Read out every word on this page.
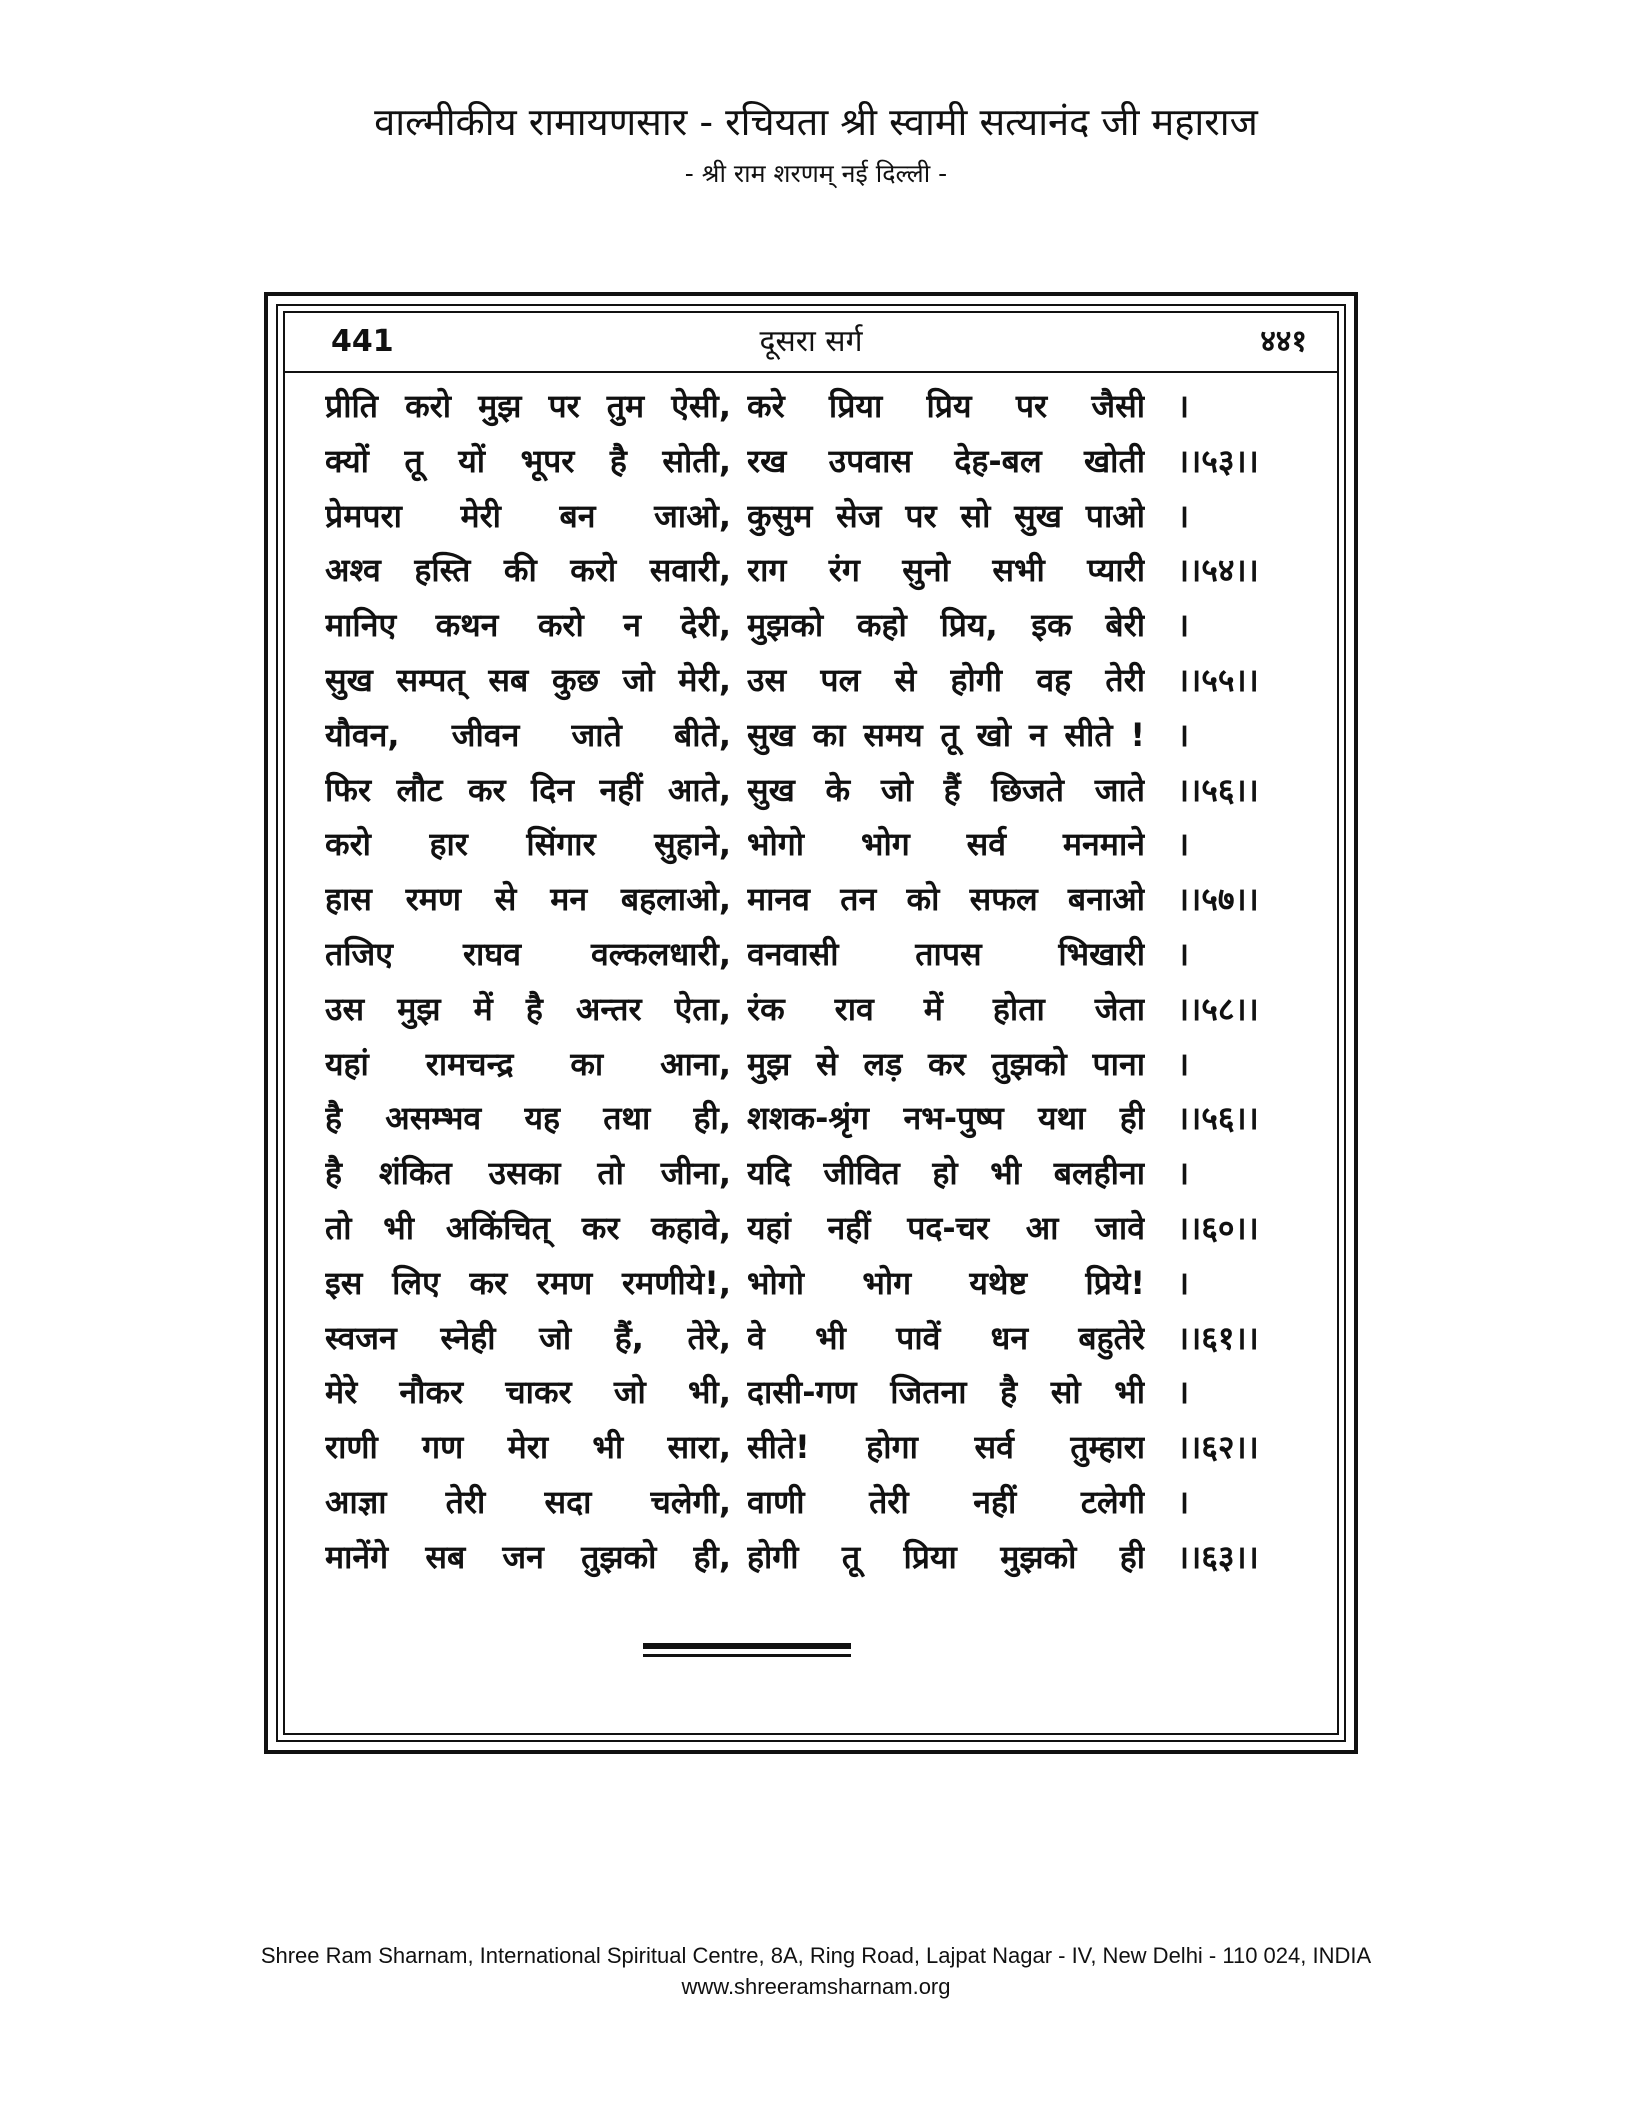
वाल्मीकीय रामायणसार - रचियता श्री स्वामी सत्यानंद जी महाराज
- श्री राम शरणम् नई दिल्ली -
441	दूसरा सर्ग	४४१
प्रीति करो मुझ पर तुम ऐसी, करे प्रिया प्रिय पर जैसी ।
क्यों तू यों भूपर है सोती, रख उपवास देह-बल खोती ।।५३।।
प्रेमपरा मेरी बन जाओ, कुसुम सेज पर सो सुख पाओ ।
अश्व हस्ति की करो सवारी, राग रंग सुनो सभी प्यारी ।।५४।।
मानिए कथन करो न देरी, मुझको कहो प्रिय, इक बेरी ।
सुख सम्पत् सब कुछ जो मेरी, उस पल से होगी वह तेरी ।।५५।।
यौवन, जीवन जाते बीते, सुख का समय तू खो न सीते ! ।
फिर लौट कर दिन नहीं आते, सुख के जो हैं छिजते जाते ।।५६।।
करो हार सिंगार सुहाने, भोगो भोग सर्व मनमाने ।
हास रमण से मन बहलाओ, मानव तन को सफल बनाओ ।।५७।।
तजिए राघव वल्कलधारी, वनवासी तापस भिखारी ।
उस मुझ में है अन्तर ऐता, रंक राव में होता जेता ।।५८।।
यहां रामचन्द्र का आना, मुझ से लड़ कर तुझको पाना ।
है असम्भव यह तथा ही, शशक-श्रृंग नभ-पुष्प यथा ही ।।५६।।
है शंकित उसका तो जीना, यदि जीवित हो भी बलहीना ।
तो भी अकिंचित् कर कहावे, यहां नहीं पद-चर आ जावे ।।६०।।
इस लिए कर रमण रमणीये!, भोगो भोग यथेष्ट प्रिये! ।
स्वजन स्नेही जो हैं, तेरे, वे भी पावें धन बहुतेरे ।।६१।।
मेरे नौकर चाकर जो भी, दासी-गण जितना है सो भी ।
राणी गण मेरा भी सारा, सीते! होगा सर्व तुम्हारा ।।६२।।
आज्ञा तेरी सदा चलेगी, वाणी तेरी नहीं टलेगी ।
मानेंगे सब जन तुझको ही, होगी तू प्रिया मुझको ही ।।६३।।
Shree Ram Sharnam, International Spiritual Centre, 8A, Ring Road, Lajpat Nagar - IV, New Delhi - 110 024, INDIA
www.shreeramsharnam.org
